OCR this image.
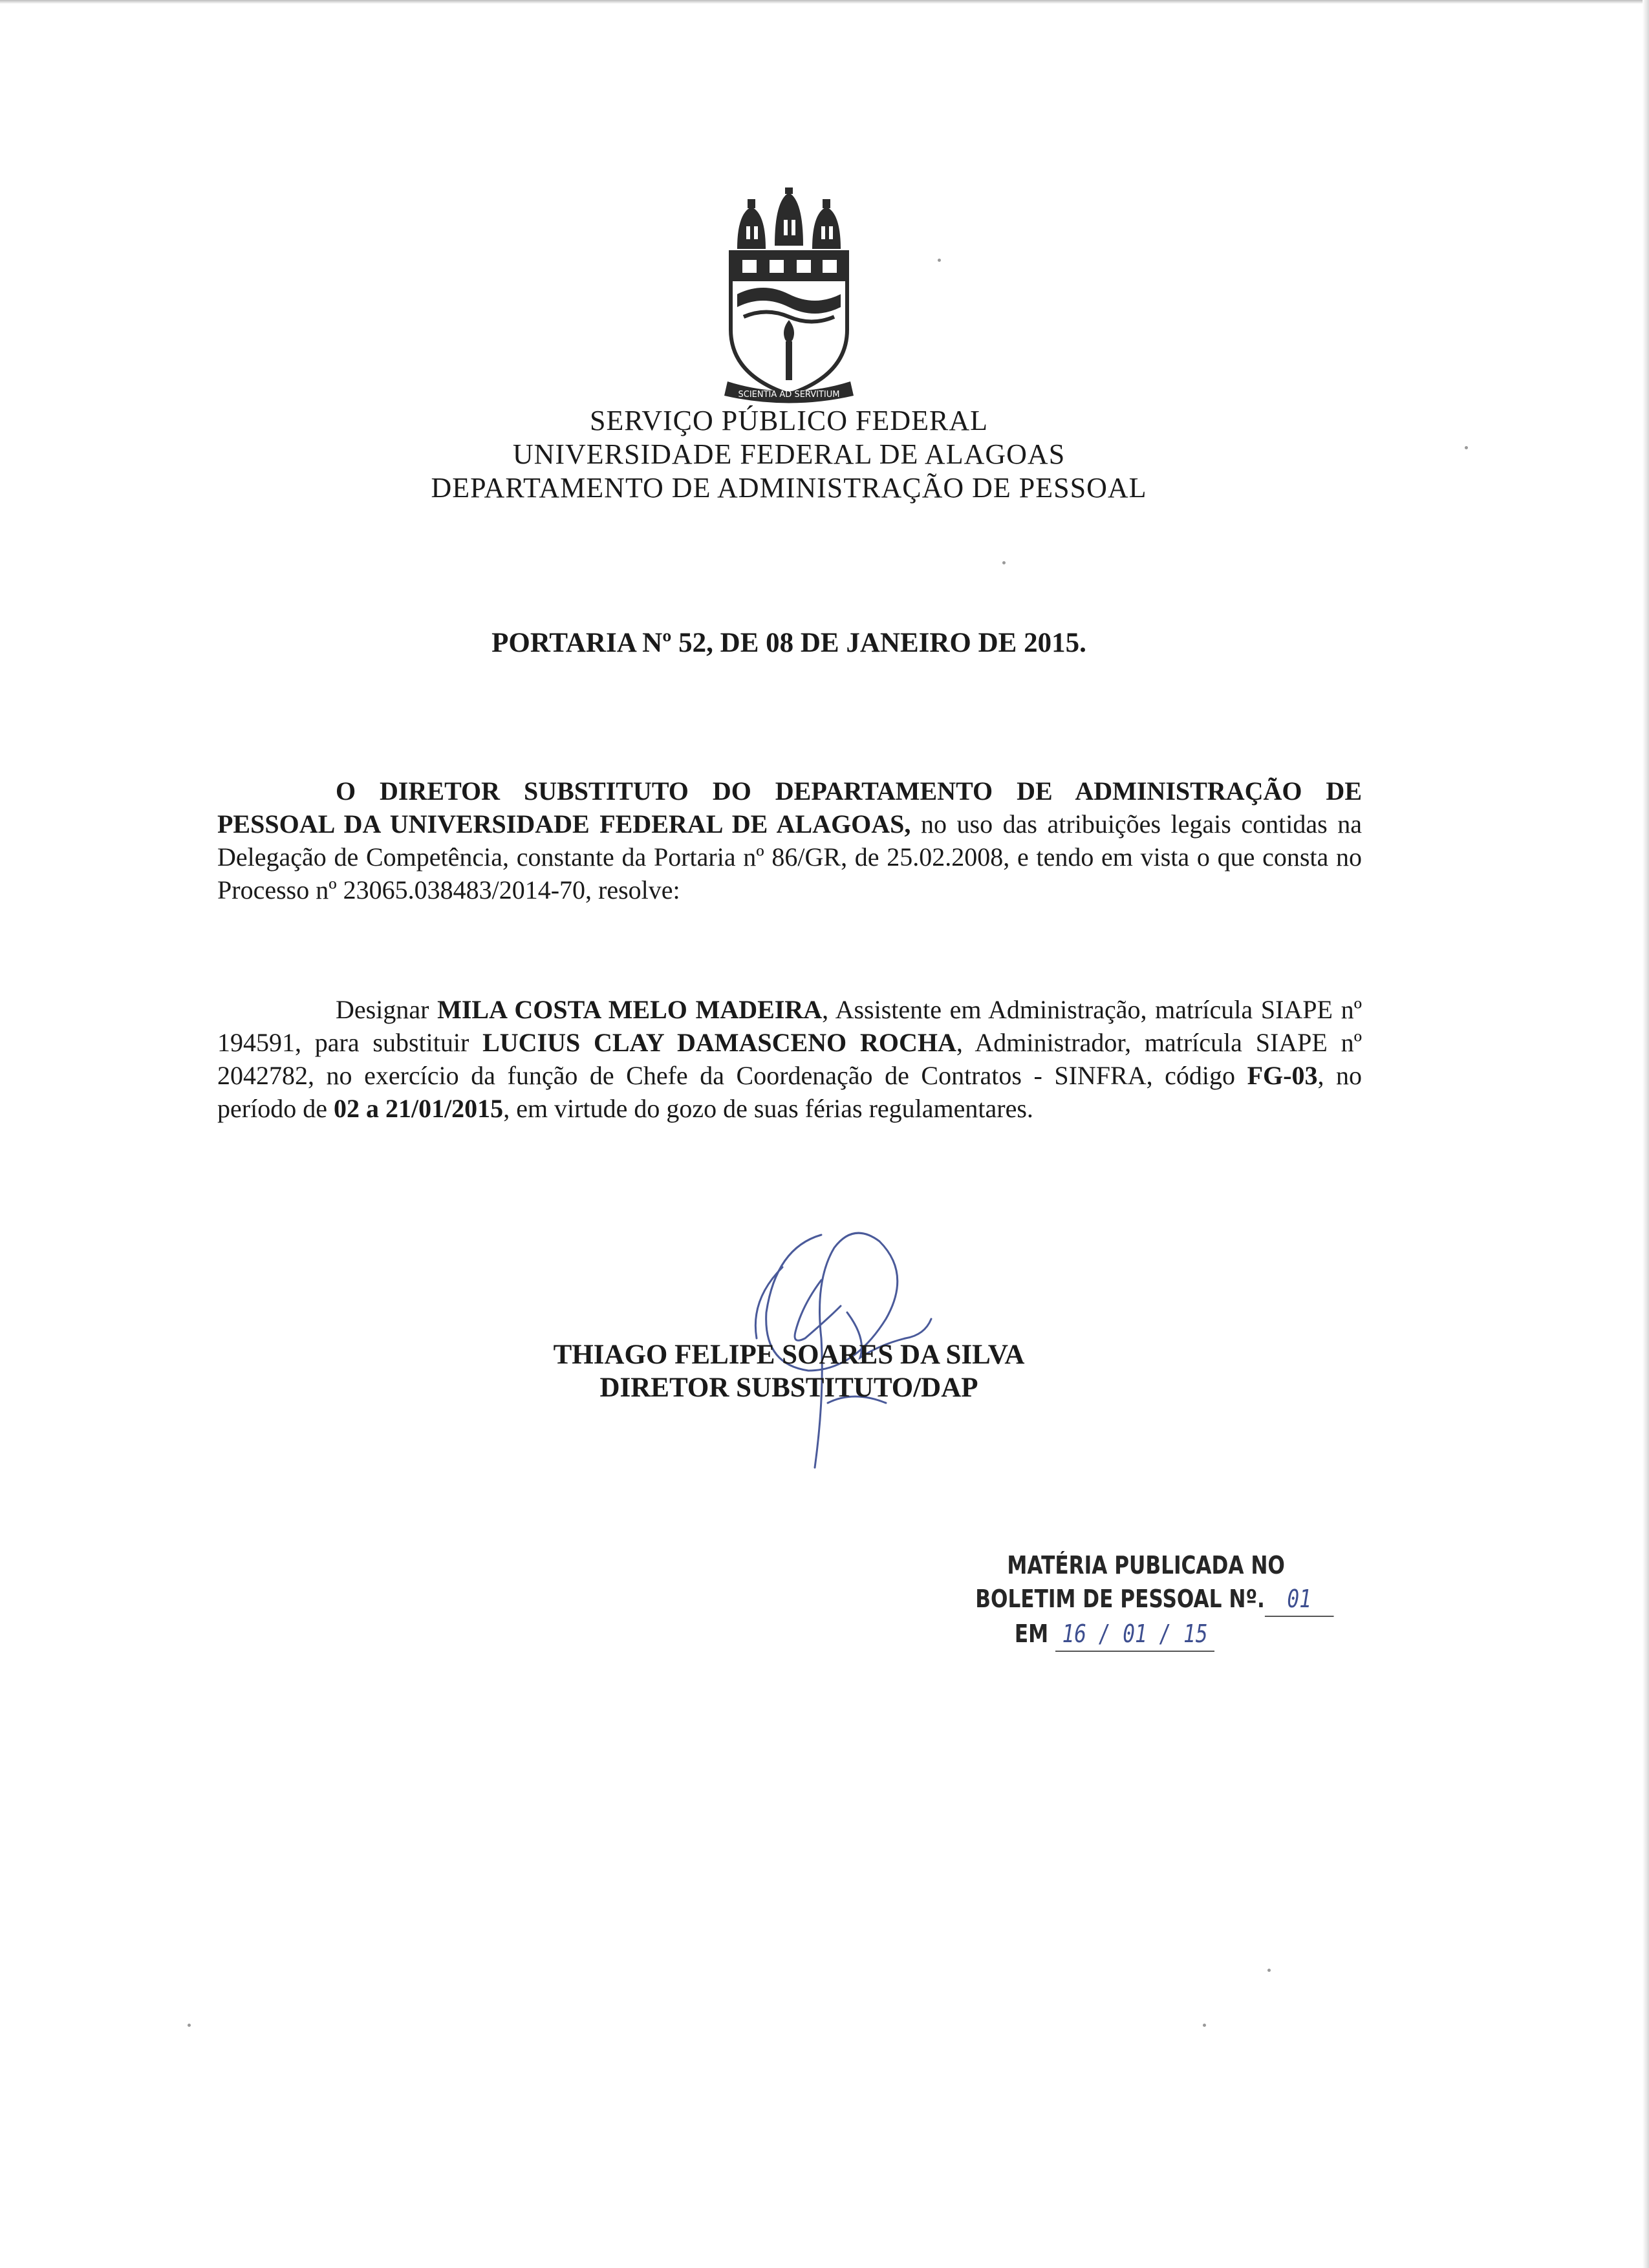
SCIENTIA AD SERVITIUM
SERVIÇO PÚBLICO FEDERAL
UNIVERSIDADE FEDERAL DE ALAGOAS
DEPARTAMENTO DE ADMINISTRAÇÃO DE PESSOAL
PORTARIA Nº 52, DE 08 DE JANEIRO DE 2015.
O DIRETOR SUBSTITUTO DO DEPARTAMENTO DE ADMINISTRAÇÃO DE PESSOAL DA UNIVERSIDADE FEDERAL DE ALAGOAS, no uso das atribuições legais contidas na Delegação de Competência, constante da Portaria nº 86/GR, de 25.02.2008, e tendo em vista o que consta no Processo nº 23065.038483/2014-70, resolve:
Designar MILA COSTA MELO MADEIRA, Assistente em Administração, matrícula SIAPE nº 194591, para substituir LUCIUS CLAY DAMASCENO ROCHA, Administrador, matrícula SIAPE nº 2042782, no exercício da função de Chefe da Coordenação de Contratos - SINFRA, código FG-03, no período de 02 a 21/01/2015, em virtude do gozo de suas férias regulamentares.
THIAGO FELIPE SOARES DA SILVA
DIRETOR SUBSTITUTO/DAP
MATÉRIA PUBLICADA NO
BOLETIM DE PESSOAL Nº. 01
EM 16 / 01 / 15
